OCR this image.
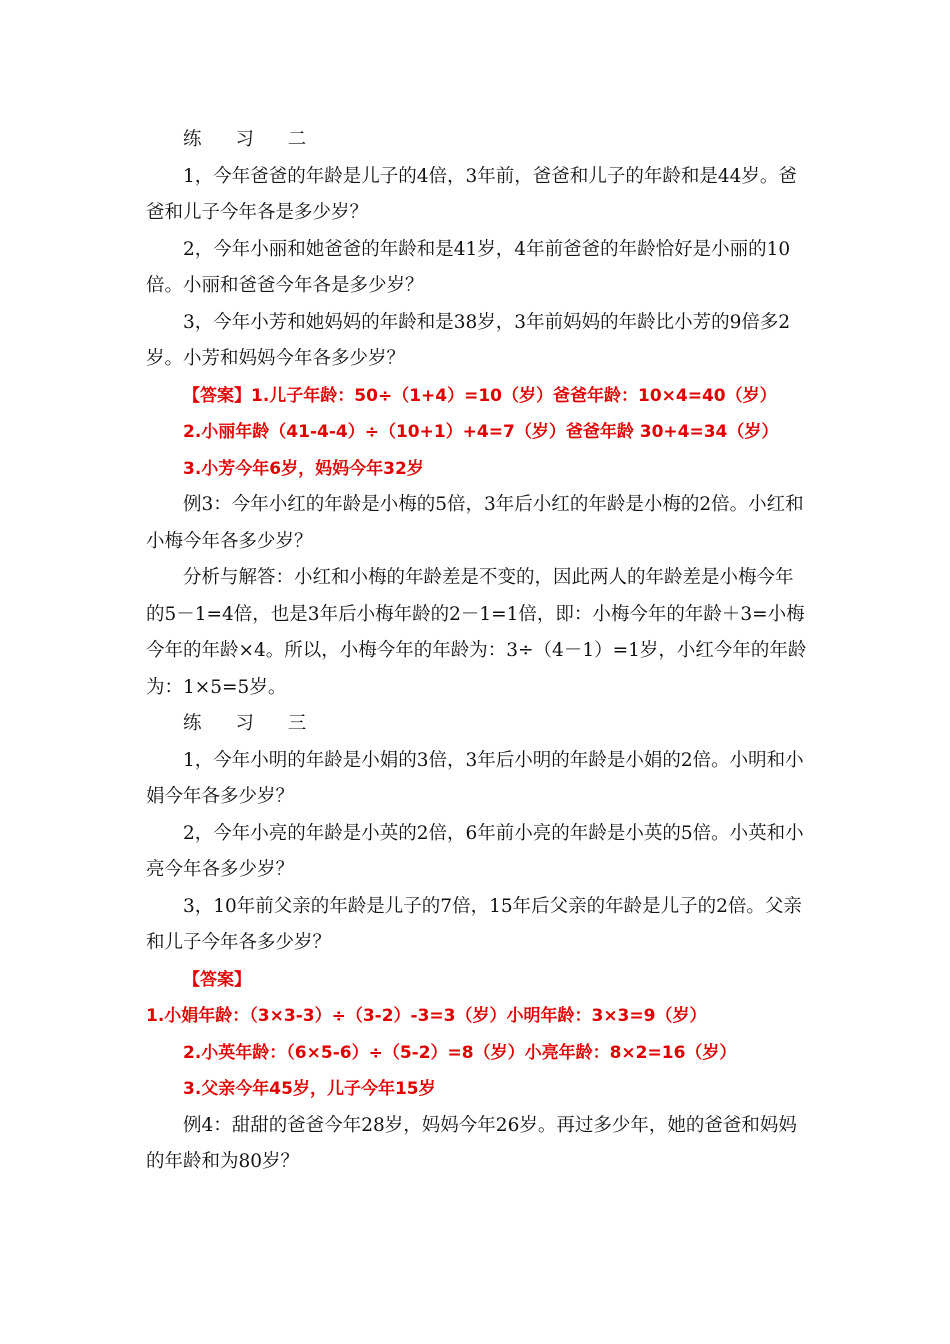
练 习 二

1，今年爸爸的年龄是儿子的4倍，3年前，爸爸和儿子的年龄和是44岁。爸爸和儿子今年各是多少岁？

2，今年小丽和她爸爸的年龄和是41岁，4年前爸爸的年龄恰好是小丽的10倍。小丽和爸爸今年各是多少岁？

3，今年小芳和她妈妈的年龄和是38岁，3年前妈妈的年龄比小芳的9倍多2岁。小芳和妈妈今年各多少岁？

【答案】1.儿子年龄：50÷（1+4）=10（岁）爸爸年龄：10×4=40（岁）

2.小丽年龄（41-4-4）÷（10+1）+4=7（岁）爸爸年龄 30+4=34（岁）

3.小芳今年6岁，妈妈今年32岁

例3：今年小红的年龄是小梅的5倍，3年后小红的年龄是小梅的2倍。小红和小梅今年各多少岁？

分析与解答：小红和小梅的年龄差是不变的，因此两人的年龄差是小梅今年的5－1=4倍，也是3年后小梅年龄的2－1=1倍，即：小梅今年的年龄＋3=小梅今年的年龄×4。所以，小梅今年的年龄为：3÷（4－1）=1岁，小红今年的年龄为：1×5=5岁。

练 习 三

1，今年小明的年龄是小娟的3倍，3年后小明的年龄是小娟的2倍。小明和小娟今年各多少岁？

2，今年小亮的年龄是小英的2倍，6年前小亮的年龄是小英的5倍。小英和小亮今年各多少岁？

3，10年前父亲的年龄是儿子的7倍，15年后父亲的年龄是儿子的2倍。父亲和儿子今年各多少岁？

【答案】1.小娟年龄：（3×3-3）÷（3-2）-3=3（岁）小明年龄：3×3=9（岁）

2.小英年龄：（6×5-6）÷（5-2）=8（岁）小亮年龄：8×2=16（岁）

3.父亲今年45岁，儿子今年15岁

例4：甜甜的爸爸今年28岁，妈妈今年26岁。再过多少年，她的爸爸和妈妈的年龄和为80岁？
